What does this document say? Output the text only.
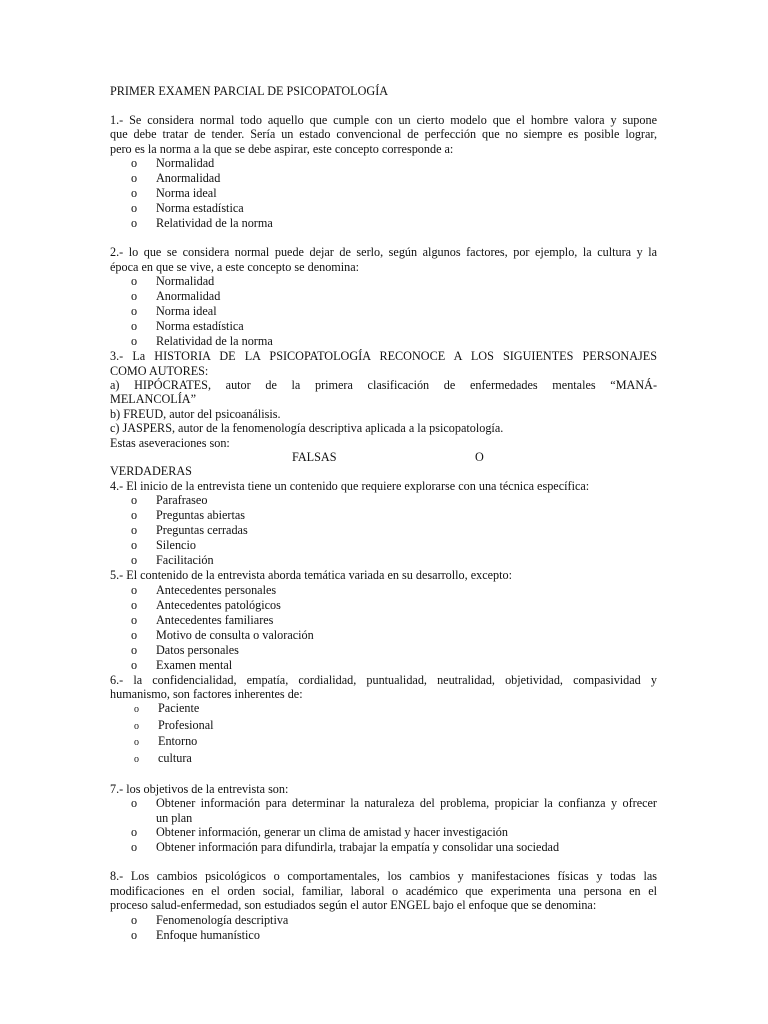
PRIMER EXAMEN PARCIAL DE PSICOPATOLOGÍA
1.- Se considera normal todo aquello que cumple con un cierto modelo que el hombre valora y supone
que debe tratar de tender. Sería un estado convencional de perfección que no siempre es posible lograr,
pero es la norma a la que se debe aspirar, este concepto corresponde a:
o	Normalidad
o	Anormalidad
o	Norma ideal
o	Norma estadística
o	Relatividad de la norma
2.- lo que se considera normal puede dejar de serlo, según algunos factores, por ejemplo, la cultura y la
época en que se vive, a este concepto se denomina:
o	Normalidad
o	Anormalidad
o	Norma ideal
o	Norma estadística
o	Relatividad de la norma
3.- La HISTORIA DE LA PSICOPATOLOGÍA RECONOCE A LOS SIGUIENTES PERSONAJES
COMO AUTORES:
a) HIPÓCRATES, autor de la primera clasificación de enfermedades mentales “MANÁ-
MELANCOLÍA”
b) FREUD, autor del psicoanálisis.
c) JASPERS, autor de la fenomenología descriptiva aplicada a la psicopatología.
Estas aseveraciones son:
FALSAS	O
VERDADERAS
4.- El inicio de la entrevista tiene un contenido que requiere explorarse con una técnica específica:
o	Parafraseo
o	Preguntas abiertas
o	Preguntas cerradas
o	Silencio
o	Facilitación
5.- El contenido de la entrevista aborda temática variada en su desarrollo, excepto:
o	Antecedentes personales
o	Antecedentes patológicos
o	Antecedentes familiares
o	Motivo de consulta o valoración
o	Datos personales
o	Examen mental
6.- la confidencialidad, empatía, cordialidad, puntualidad, neutralidad, objetividad, compasividad y
humanismo, son factores inherentes de:
o	Paciente
o	Profesional
o	Entorno
o	cultura
7.- los objetivos de la entrevista son:
o	Obtener información para determinar la naturaleza del problema, propiciar la confianza y ofrecer
un plan
o	Obtener información, generar un clima de amistad y hacer investigación
o	Obtener información para difundirla, trabajar la empatía y consolidar una sociedad
8.- Los cambios psicológicos o comportamentales, los cambios y manifestaciones físicas y todas las
modificaciones en el orden social, familiar, laboral o académico que experimenta una persona en el
proceso salud-enfermedad, son estudiados según el autor ENGEL bajo el enfoque que se denomina:
o	Fenomenología descriptiva
o	Enfoque humanístico
